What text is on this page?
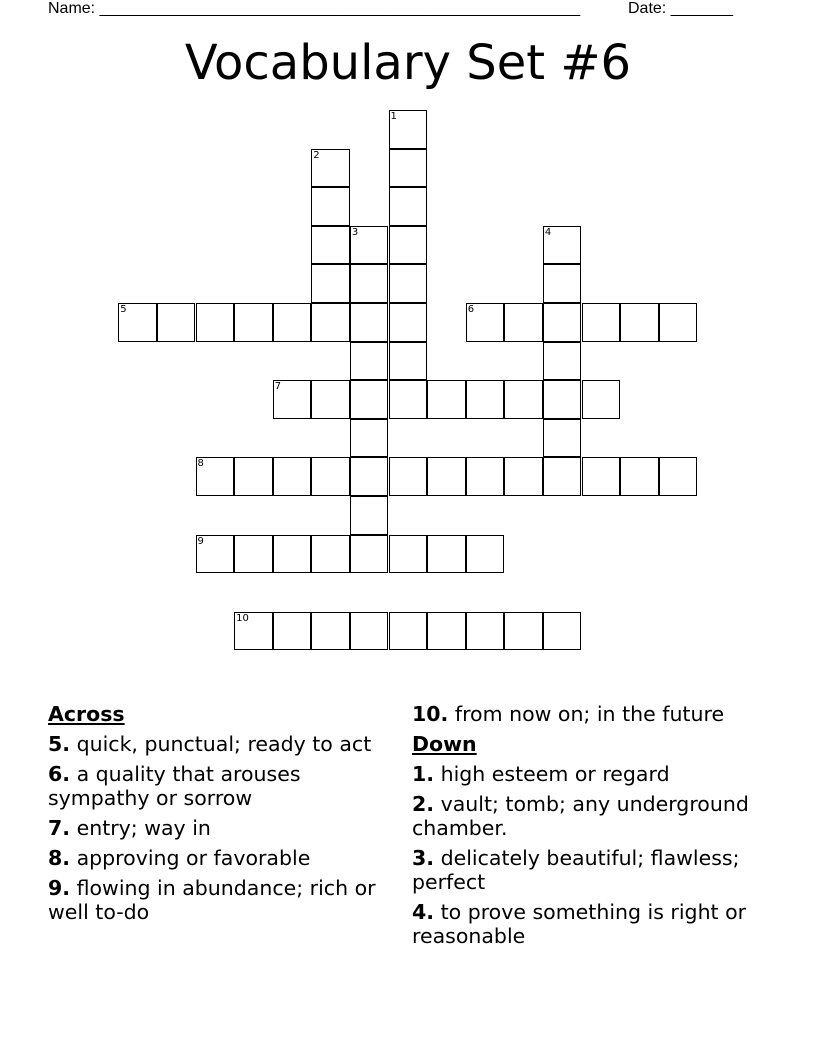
Name: ______________________________________________________	Date: _______
Vocabulary Set #6
1
2
3	4
5	6
7
8
9
10
Across
5. quick, punctual; ready to act
6. a quality that arouses sympathy or sorrow
7. entry; way in
8. approving or favorable
9. flowing in abundance; rich or well to-do
10. from now on; in the future
Down
1. high esteem or regard
2. vault; tomb; any underground chamber.
3. delicately beautiful; flawless; perfect
4. to prove something is right or reasonable
